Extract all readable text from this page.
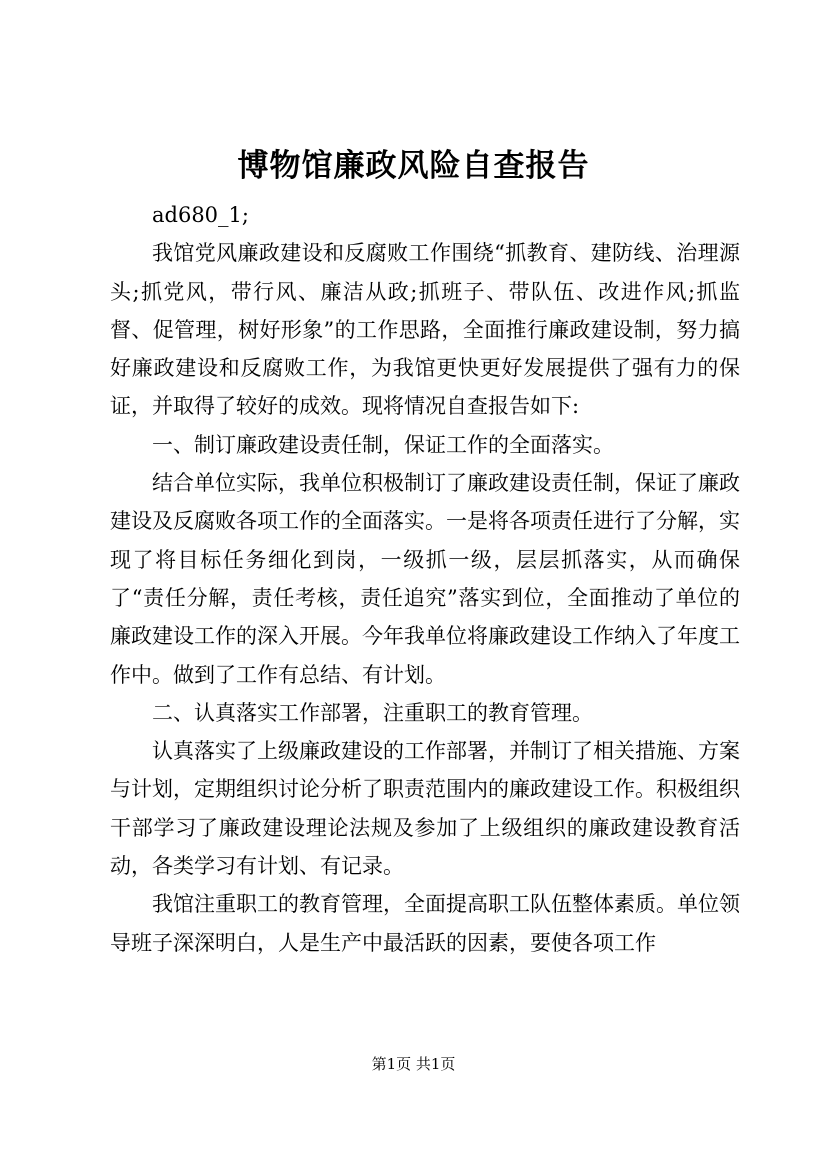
博物馆廉政风险自查报告

ad680_1;

我馆党风廉政建设和反腐败工作围绕“抓教育、建防线、治理源头;抓党风，带行风、廉洁从政;抓班子、带队伍、改进作风;抓监督、促管理，树好形象”的工作思路，全面推行廉政建设制，努力搞好廉政建设和反腐败工作，为我馆更快更好发展提供了强有力的保证，并取得了较好的成效。现将情况自查报告如下:

一、制订廉政建设责任制，保证工作的全面落实。

结合单位实际，我单位积极制订了廉政建设责任制，保证了廉政建设及反腐败各项工作的全面落实。一是将各项责任进行了分解，实现了将目标任务细化到岗，一级抓一级，层层抓落实，从而确保了“责任分解，责任考核，责任追究”落实到位，全面推动了单位的廉政建设工作的深入开展。今年我单位将廉政建设工作纳入了年度工作中。做到了工作有总结、有计划。

二、认真落实工作部署，注重职工的教育管理。

认真落实了上级廉政建设的工作部署，并制订了相关措施、方案与计划，定期组织讨论分析了职责范围内的廉政建设工作。积极组织干部学习了廉政建设理论法规及参加了上级组织的廉政建设教育活动，各类学习有计划、有记录。

我馆注重职工的教育管理，全面提高职工队伍整体素质。单位领导班子深深明白，人是生产中最活跃的因素，要使各项工作

第1页 共1页
